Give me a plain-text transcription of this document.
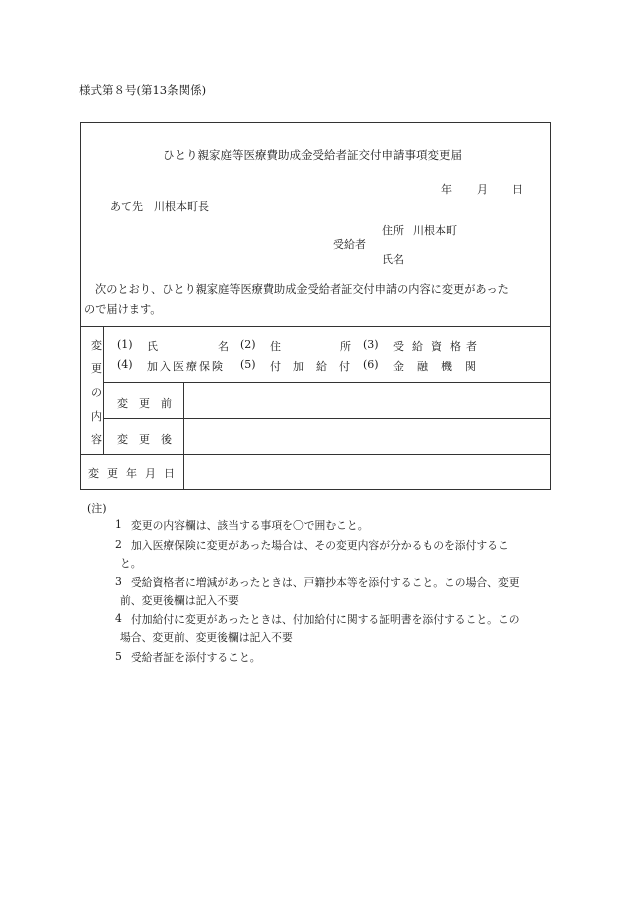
様式第８号(第13条関係)
ひとり親家庭等医療費助成金受給者証交付申請事項変更届
年 月 日
あて先　川根本町長
住所 川根本町
受給者
氏名
次のとおり、ひとり親家庭等医療費助成金受給者証交付申請の内容に変更があった
ので届けます。
変
更
の
内
容
(1) 氏	名 (2) 住	所 (3) 受 給 資 格 者
(4) 加 入 医 療 保 険 (5) 付 加 給 付 (6) 金 融 機 関
変 更 前
変 更 後
変 更 年 月 日
(注)
1 変更の内容欄は、該当する事項を〇で囲むこと。
2 加入医療保険に変更があった場合は、その変更内容が分かるものを添付するこ
と。
3 受給資格者に増減があったときは、戸籍抄本等を添付すること。この場合、変更
前、変更後欄は記入不要
4 付加給付に変更があったときは、付加給付に関する証明書を添付すること。この
場合、変更前、変更後欄は記入不要
5 受給者証を添付すること。
